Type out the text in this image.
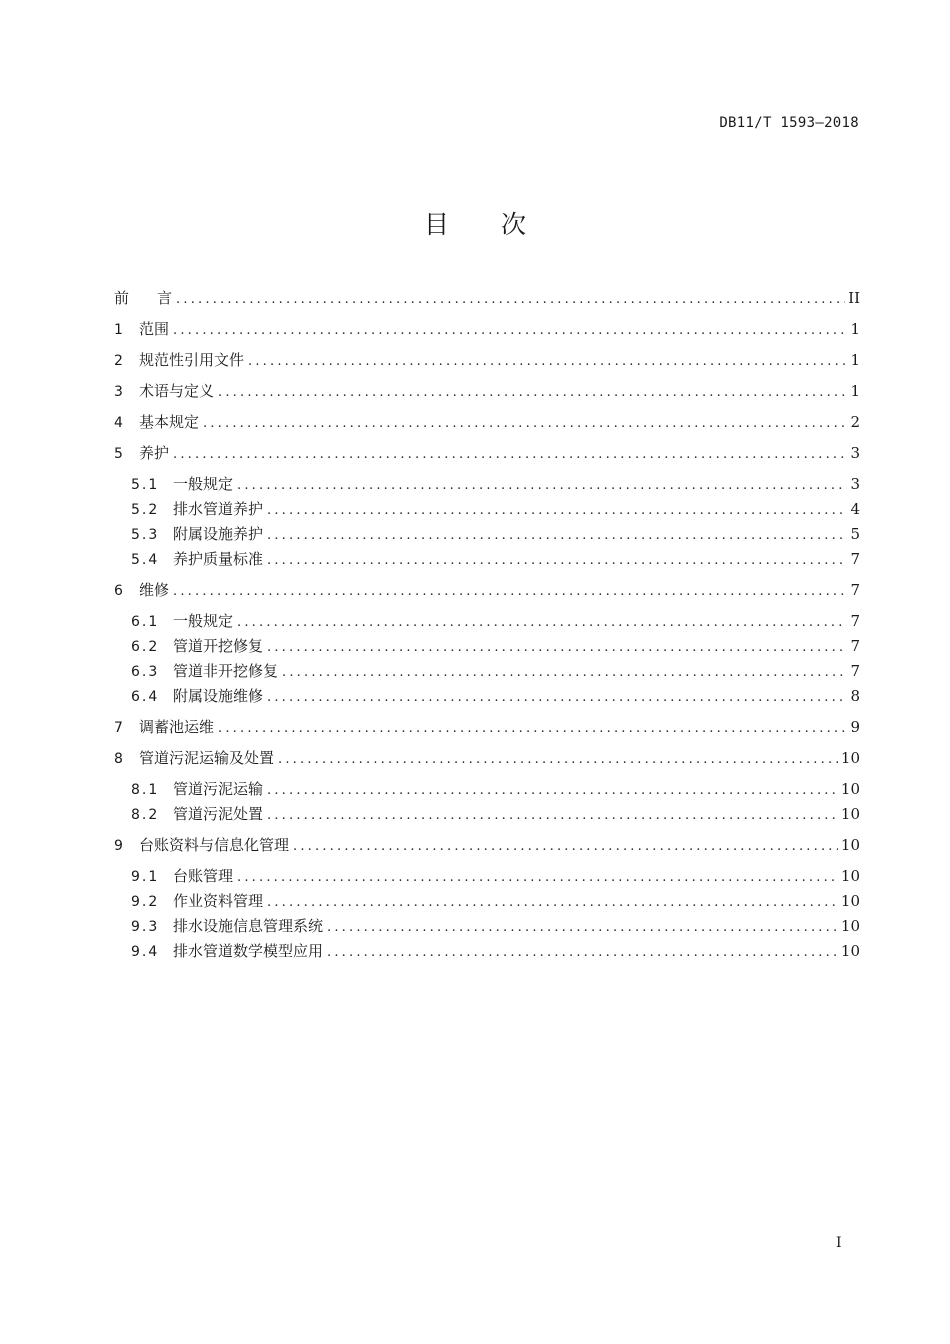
DB11/T 1593—2018
目 次
前 言 .....	II
1	范围 .....	1
2	规范性引用文件 .....	1
3	术语与定义 .....	1
4	基本规定 .....	2
5	养护 .....	3
5.1 一般规定 .....	3
5.2 排水管道养护 .....	4
5.3 附属设施养护 .....	5
5.4 养护质量标准 .....	7
6	维修 .....	7
6.1 一般规定 .....	7
6.2 管道开挖修复 .....	7
6.3 管道非开挖修复 .....	7
6.4 附属设施维修 .....	8
7	调蓄池运维 .....	9
8	管道污泥运输及处置 .....	10
8.1 管道污泥运输 .....	10
8.2 管道污泥处置 .....	10
9	台账资料与信息化管理 .....	10
9.1 台账管理 .....	10
9.2 作业资料管理 .....	10
9.3 排水设施信息管理系统 .....	10
9.4 排水管道数学模型应用 .....	10
I
